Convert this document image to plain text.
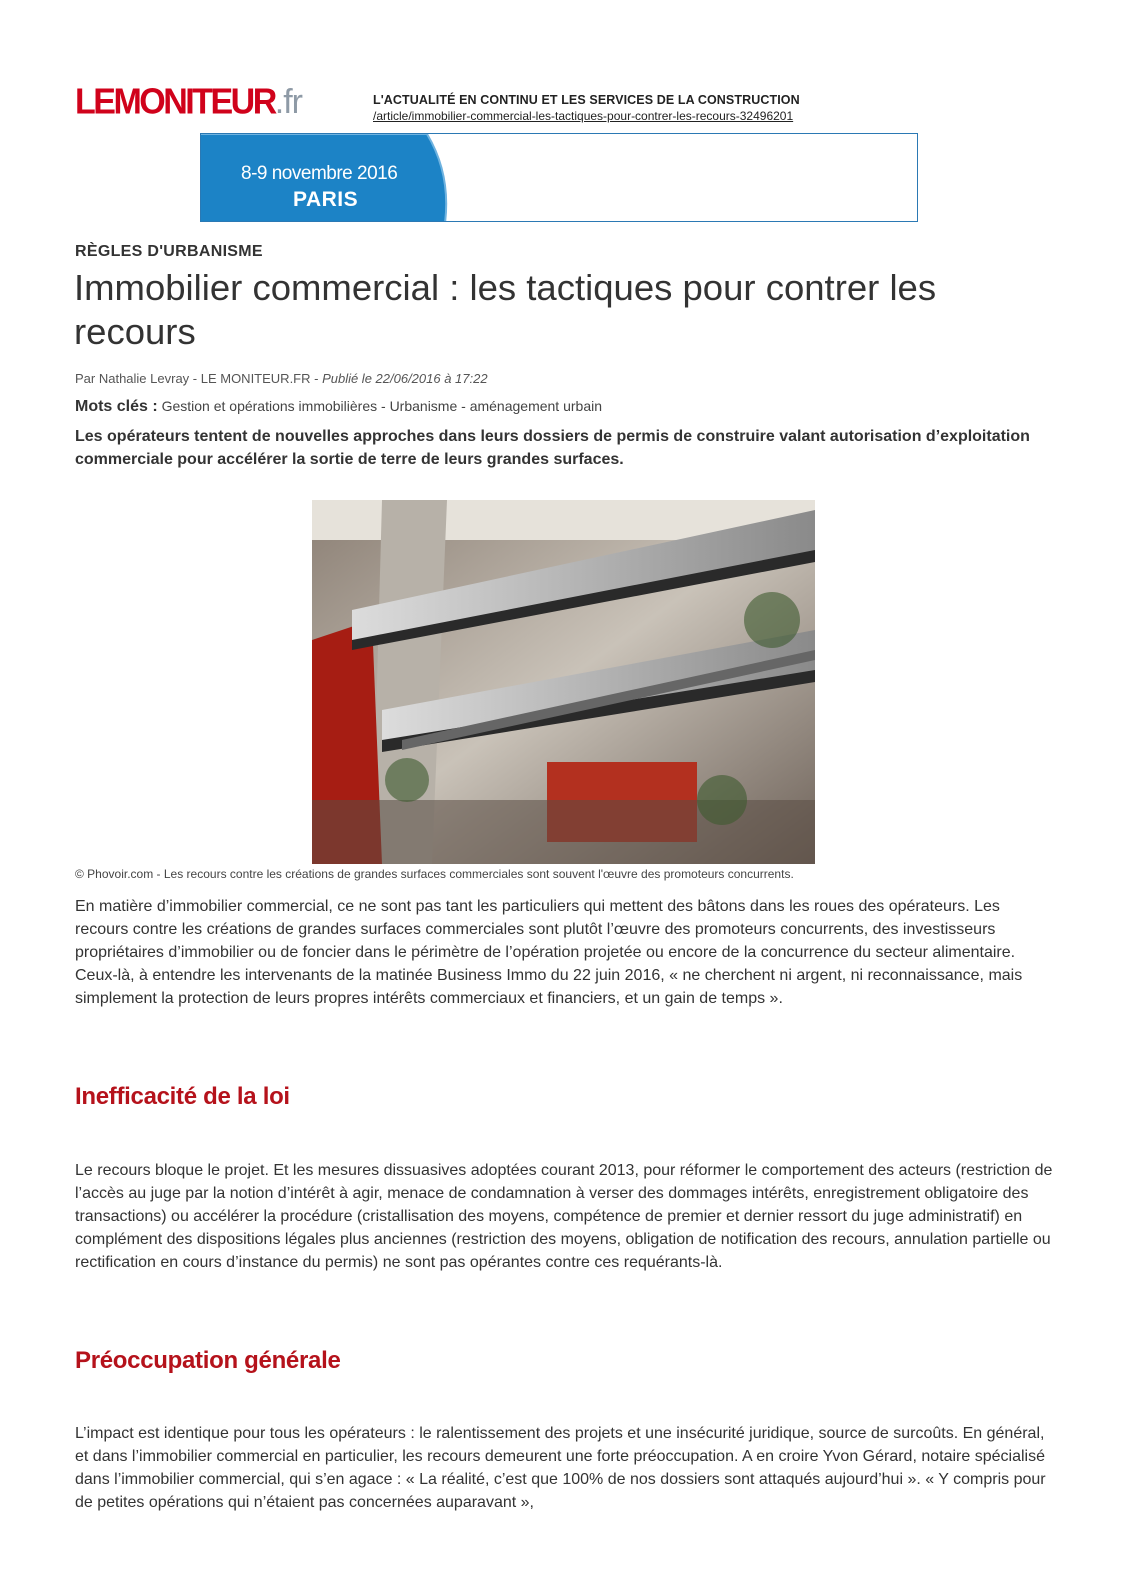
LEMONITEUR.fr	L'ACTUALITÉ EN CONTINU ET LES SERVICES DE LA CONSTRUCTION
/article/immobilier-commercial-les-tactiques-pour-contrer-les-recours-32496201
8-9 novembre 2016
PARIS
RÈGLES D'URBANISME
Immobilier commercial : les tactiques pour contrer les recours
Par Nathalie Levray - LE MONITEUR.FR - Publié le 22/06/2016 à 17:22
Mots clés : Gestion et opérations immobilières - Urbanisme - aménagement urbain

Les opérateurs tentent de nouvelles approches dans leurs dossiers de permis de construire valant autorisation d’exploitation commerciale pour accélérer la sortie de terre de leurs grandes surfaces.

© Phovoir.com - Les recours contre les créations de grandes surfaces commerciales sont souvent l'œuvre des promoteurs concurrents.

En matière d’immobilier commercial, ce ne sont pas tant les particuliers qui mettent des bâtons dans les roues des opérateurs. Les recours contre les créations de grandes surfaces commerciales sont plutôt l’œuvre des promoteurs concurrents, des investisseurs propriétaires d’immobilier ou de foncier dans le périmètre de l’opération projetée ou encore de la concurrence du secteur alimentaire. Ceux-là, à entendre les intervenants de la matinée Business Immo du 22 juin 2016, « ne cherchent ni argent, ni reconnaissance, mais simplement la protection de leurs propres intérêts commerciaux et financiers, et un gain de temps ».

Inefficacité de la loi

Le recours bloque le projet. Et les mesures dissuasives adoptées courant 2013, pour réformer le comportement des acteurs (restriction de l’accès au juge par la notion d’intérêt à agir, menace de condamnation à verser des dommages intérêts, enregistrement obligatoire des transactions) ou accélérer la procédure (cristallisation des moyens, compétence de premier et dernier ressort du juge administratif) en complément des dispositions légales plus anciennes (restriction des moyens, obligation de notification des recours, annulation partielle ou rectification en cours d’instance du permis) ne sont pas opérantes contre ces requérants-là.

Préoccupation générale

L’impact est identique pour tous les opérateurs : le ralentissement des projets et une insécurité juridique, source de surcoûts. En général, et dans l’immobilier commercial en particulier, les recours demeurent une forte préoccupation. A en croire Yvon Gérard, notaire spécialisé dans l’immobilier commercial, qui s’en agace : « La réalité, c’est que 100% de nos dossiers sont attaqués aujourd’hui ». « Y compris pour de petites opérations qui n’étaient pas concernées auparavant »,
